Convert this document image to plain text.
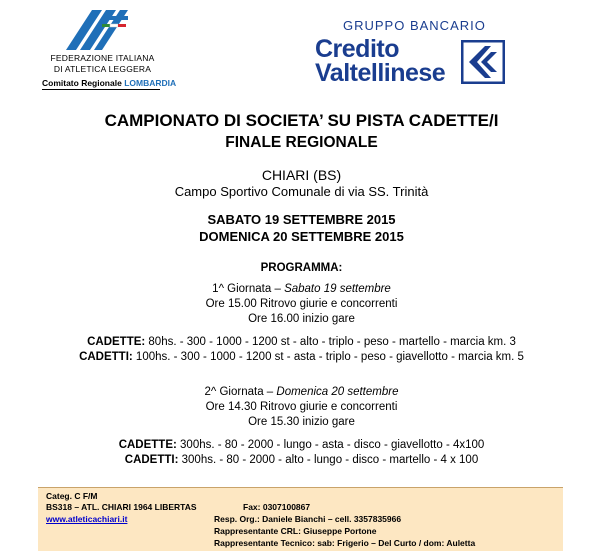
FEDERAZIONE ITALIANA
DI ATLETICA LEGGERA
Comitato Regionale LOMBARDIA
GRUPPO BANCARIO
Credito
Valtellinese
CAMPIONATO DI SOCIETA’ SU PISTA CADETTE/I
FINALE REGIONALE
CHIARI (BS)
Campo Sportivo Comunale di via SS. Trinità
SABATO 19 SETTEMBRE 2015
DOMENICA 20 SETTEMBRE 2015
PROGRAMMA:
1^ Giornata – Sabato 19 settembre
Ore 15.00 Ritrovo giurie e concorrenti
Ore 16.00 inizio gare
CADETTE: 80hs. - 300 - 1000 - 1200 st - alto - triplo - peso - martello - marcia km. 3
CADETTI: 100hs. - 300 - 1000 - 1200 st - asta - triplo - peso - giavellotto - marcia km. 5
2^ Giornata – Domenica 20 settembre
Ore 14.30 Ritrovo giurie e concorrenti
Ore 15.30 inizio gare
CADETTE: 300hs. - 80 - 2000 - lungo - asta - disco - giavellotto - 4x100
CADETTI: 300hs. - 80 - 2000 - alto - lungo - disco - martello - 4 x 100
Categ. C F/M
BS318 – ATL. CHIARI 1964 LIBERTAS	Fax: 0307100867
www.atleticachiari.it	Resp. Org.: Daniele Bianchi – cell. 3357835966
Rappresentante CRL: Giuseppe Portone
Rappresentante Tecnico: sab: Frigerio – Del Curto / dom: Auletta
